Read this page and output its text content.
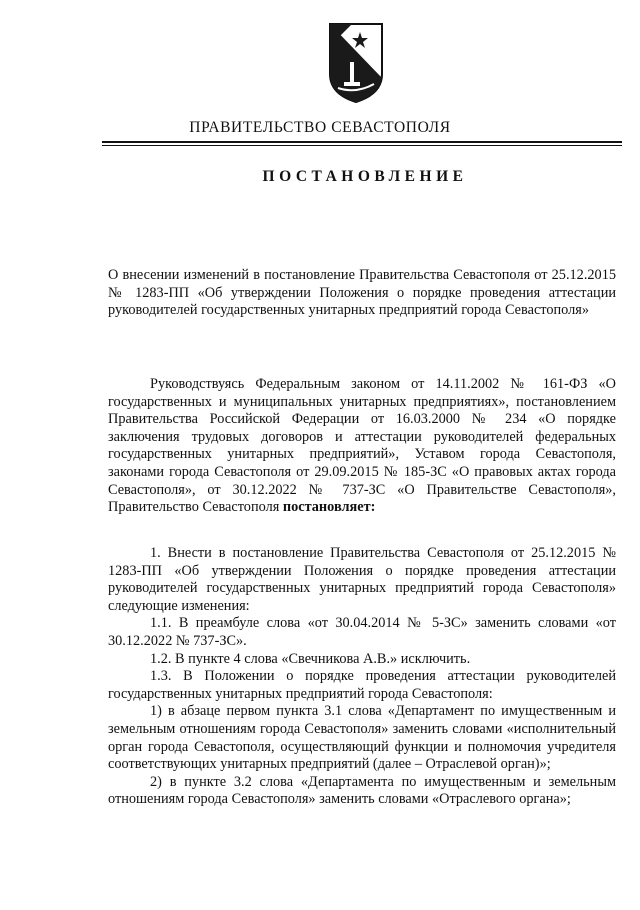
ПРАВИТЕЛЬСТВО СЕВАСТОПОЛЯ
ПОСТАНОВЛЕНИЕ

О внесении изменений в постановление Правительства Севастополя от 25.12.2015 № 1283-ПП «Об утверждении Положения о порядке проведения аттестации руководителей государственных унитарных предприятий города Севастополя»

Руководствуясь Федеральным законом от 14.11.2002 № 161-ФЗ «О государственных и муниципальных унитарных предприятиях», постановлением Правительства Российской Федерации от 16.03.2000 № 234 «О порядке заключения трудовых договоров и аттестации руководителей федеральных государственных унитарных предприятий», Уставом города Севастополя, законами города Севастополя от 29.09.2015 № 185-ЗС «О правовых актах города Севастополя», от 30.12.2022 № 737-ЗС «О Правительстве Севастополя», Правительство Севастополя постановляет:

1. Внести в постановление Правительства Севастополя от 25.12.2015 № 1283-ПП «Об утверждении Положения о порядке проведения аттестации руководителей государственных унитарных предприятий города Севастополя» следующие изменения:

1.1. В преамбуле слова «от 30.04.2014 № 5-ЗС» заменить словами «от 30.12.2022 № 737-ЗС».

1.2. В пункте 4 слова «Свечникова А.В.» исключить.

1.3. В Положении о порядке проведения аттестации руководителей государственных унитарных предприятий города Севастополя:

1) в абзаце первом пункта 3.1 слова «Департамент по имущественным и земельным отношениям города Севастополя» заменить словами «исполнительный орган города Севастополя, осуществляющий функции и полномочия учредителя соответствующих унитарных предприятий (далее – Отраслевой орган)»;

2) в пункте 3.2 слова «Департамента по имущественным и земельным отношениям города Севастополя» заменить словами «Отраслевого органа»;
